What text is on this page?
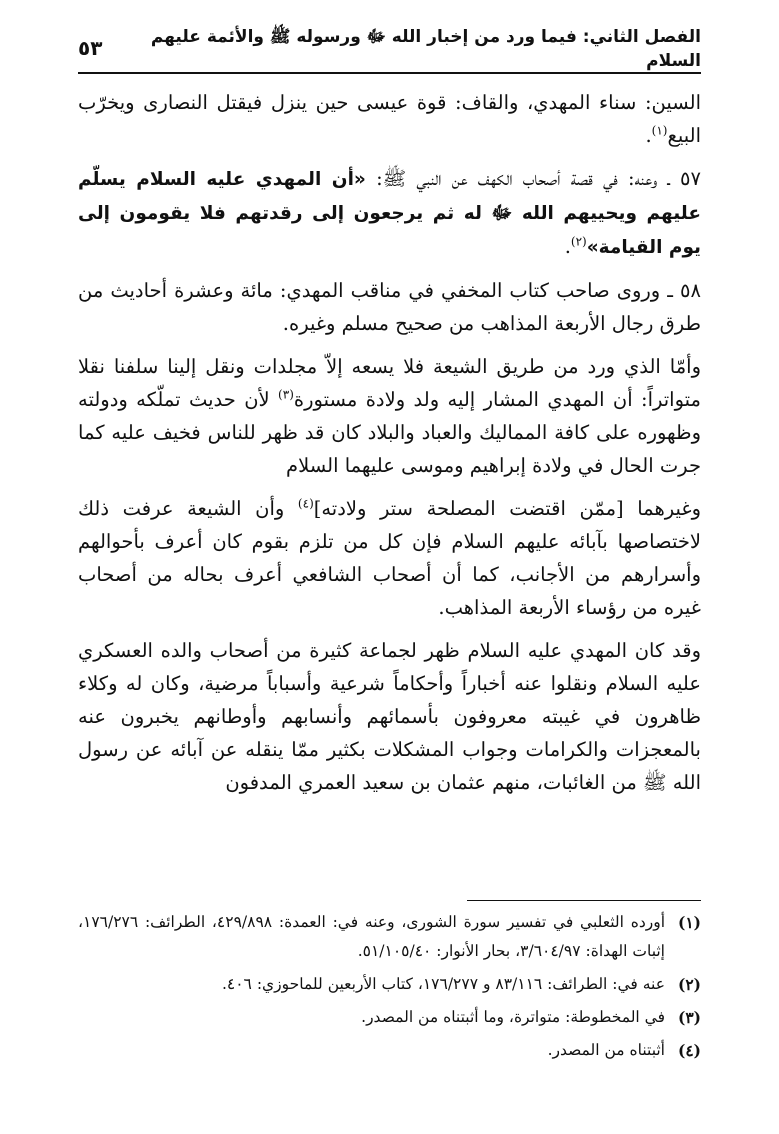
الفصل الثاني: فيما ورد من إخبار الله ﷻ ورسوله ﷺ والأئمة عليهم السلام
٥٣

السين: سناء المهدي، والقاف: قوة عيسى حين ينزل فيقتل النصارى ويخرّب البيع$^{(١)}$.

٥٧ ـ وعنه: في قصة أصحاب الكهف عن النبي ﷺ: «أن المهدي عليه السلام يسلّم عليهم ويحييهم الله ﷻ له ثم يرجعون إلى رقدتهم فلا يقومون إلى يوم القيامة»$^{(٢)}$.

٥٨ ـ وروى صاحب كتاب المخفي في مناقب المهدي: مائة وعشرة أحاديث من طرق رجال الأربعة المذاهب من صحيح مسلم وغيره.

وأمّا الذي ورد من طريق الشيعة فلا يسعه إلاّ مجلدات ونقل إلينا سلفنا نقلا متواتراً: أن المهدي المشار إليه ولد ولادة مستورة$^{(٣)}$ لأن حديث تملّكه ودولته وظهوره على كافة المماليك والعباد والبلاد كان قد ظهر للناس فخيف عليه كما جرت الحال في ولادة إبراهيم وموسى عليهما السلام

وغيرهما [ممّن اقتضت المصلحة ستر ولادته]$^{(٤)}$ وأن الشيعة عرفت ذلك لاختصاصها بآبائه عليهم السلام فإن كل من تلزم بقوم كان أعرف بأحوالهم وأسرارهم من الأجانب، كما أن أصحاب الشافعي أعرف بحاله من أصحاب غيره من رؤساء الأربعة المذاهب.

وقد كان المهدي عليه السلام ظهر لجماعة كثيرة من أصحاب والده العسكري عليه السلام ونقلوا عنه أخباراً وأحكاماً شرعية وأسباباً مرضية، وكان له وكلاء ظاهرون في غيبته معروفون بأسمائهم وأنسابهم وأوطانهم يخبرون عنه بالمعجزات والكرامات وجواب المشكلات بكثير ممّا ينقله عن آبائه عن رسول الله ﷺ من الغائبات، منهم عثمان بن سعيد العمري المدفون

(١)
أورده الثعلبي في تفسير سورة الشورى، وعنه في: العمدة: ٤٢٩/٨٩٨، الطرائف: ١٧٦/٢٧٦، إثبات الهداة: ٣/٦٠٤/٩٧، بحار الأنوار: ٥١/١٠٥/٤٠.
(٢)
عنه في: الطرائف: ٨٣/١١٦ و ١٧٦/٢٧٧، كتاب الأربعين للماحوزي: ٤٠٦.
(٣)
في المخطوطة: متواترة، وما أثبتناه من المصدر.
(٤)
أثبتناه من المصدر.
